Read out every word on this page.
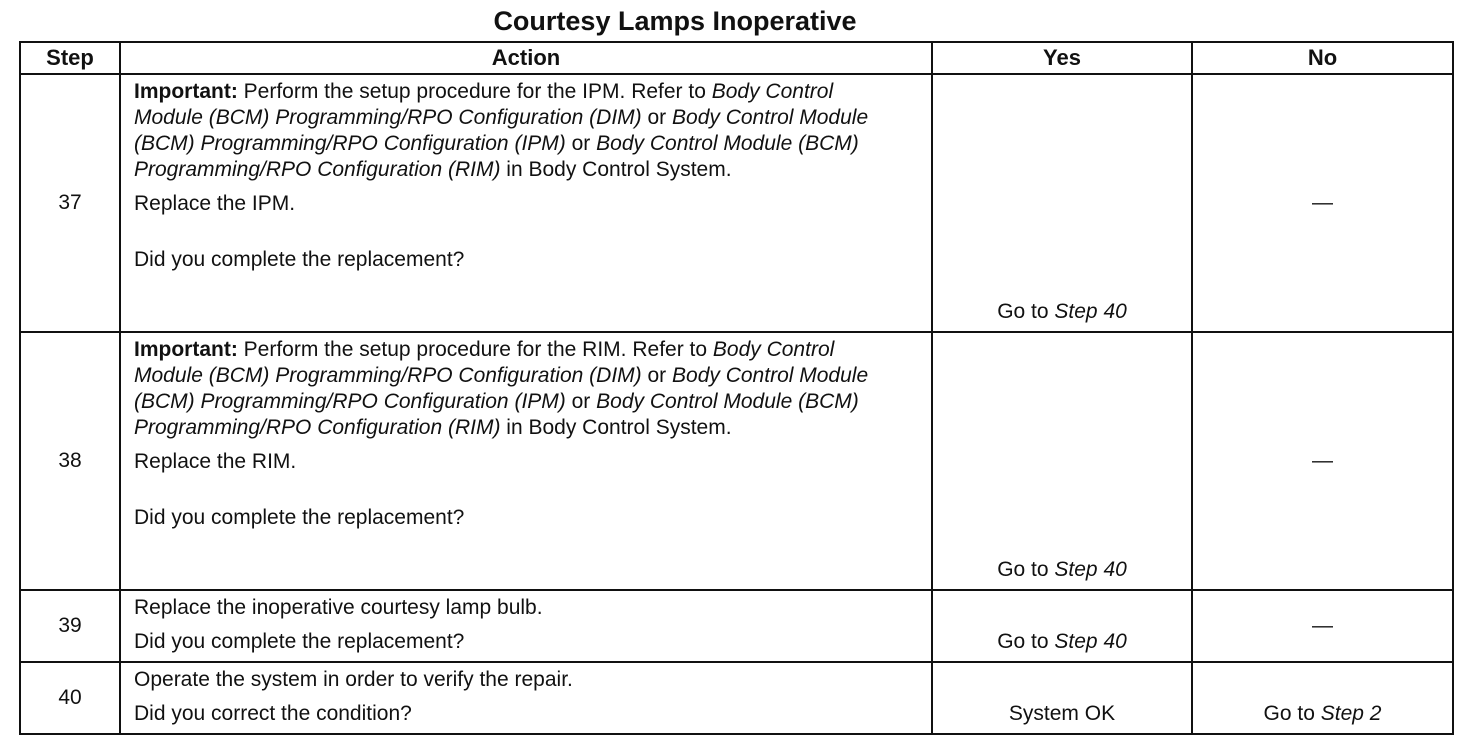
Courtesy Lamps Inoperative
Step	Action	Yes	No
37	Important: Perform the setup procedure for the IPM. Refer to Body Control Module (BCM) Programming/RPO Configuration (DIM) or Body Control Module (BCM) Programming/RPO Configuration (IPM) or Body Control Module (BCM) Programming/RPO Configuration (RIM) in Body Control System.
Replace the IPM.
Did you complete the replacement?	Go to Step 40	—
38	Important: Perform the setup procedure for the RIM. Refer to Body Control Module (BCM) Programming/RPO Configuration (DIM) or Body Control Module (BCM) Programming/RPO Configuration (IPM) or Body Control Module (BCM) Programming/RPO Configuration (RIM) in Body Control System.
Replace the RIM.
Did you complete the replacement?	Go to Step 40	—
39	Replace the inoperative courtesy lamp bulb.
Did you complete the replacement?	Go to Step 40	—
40	Operate the system in order to verify the repair.
Did you correct the condition?	System OK	Go to Step 2
